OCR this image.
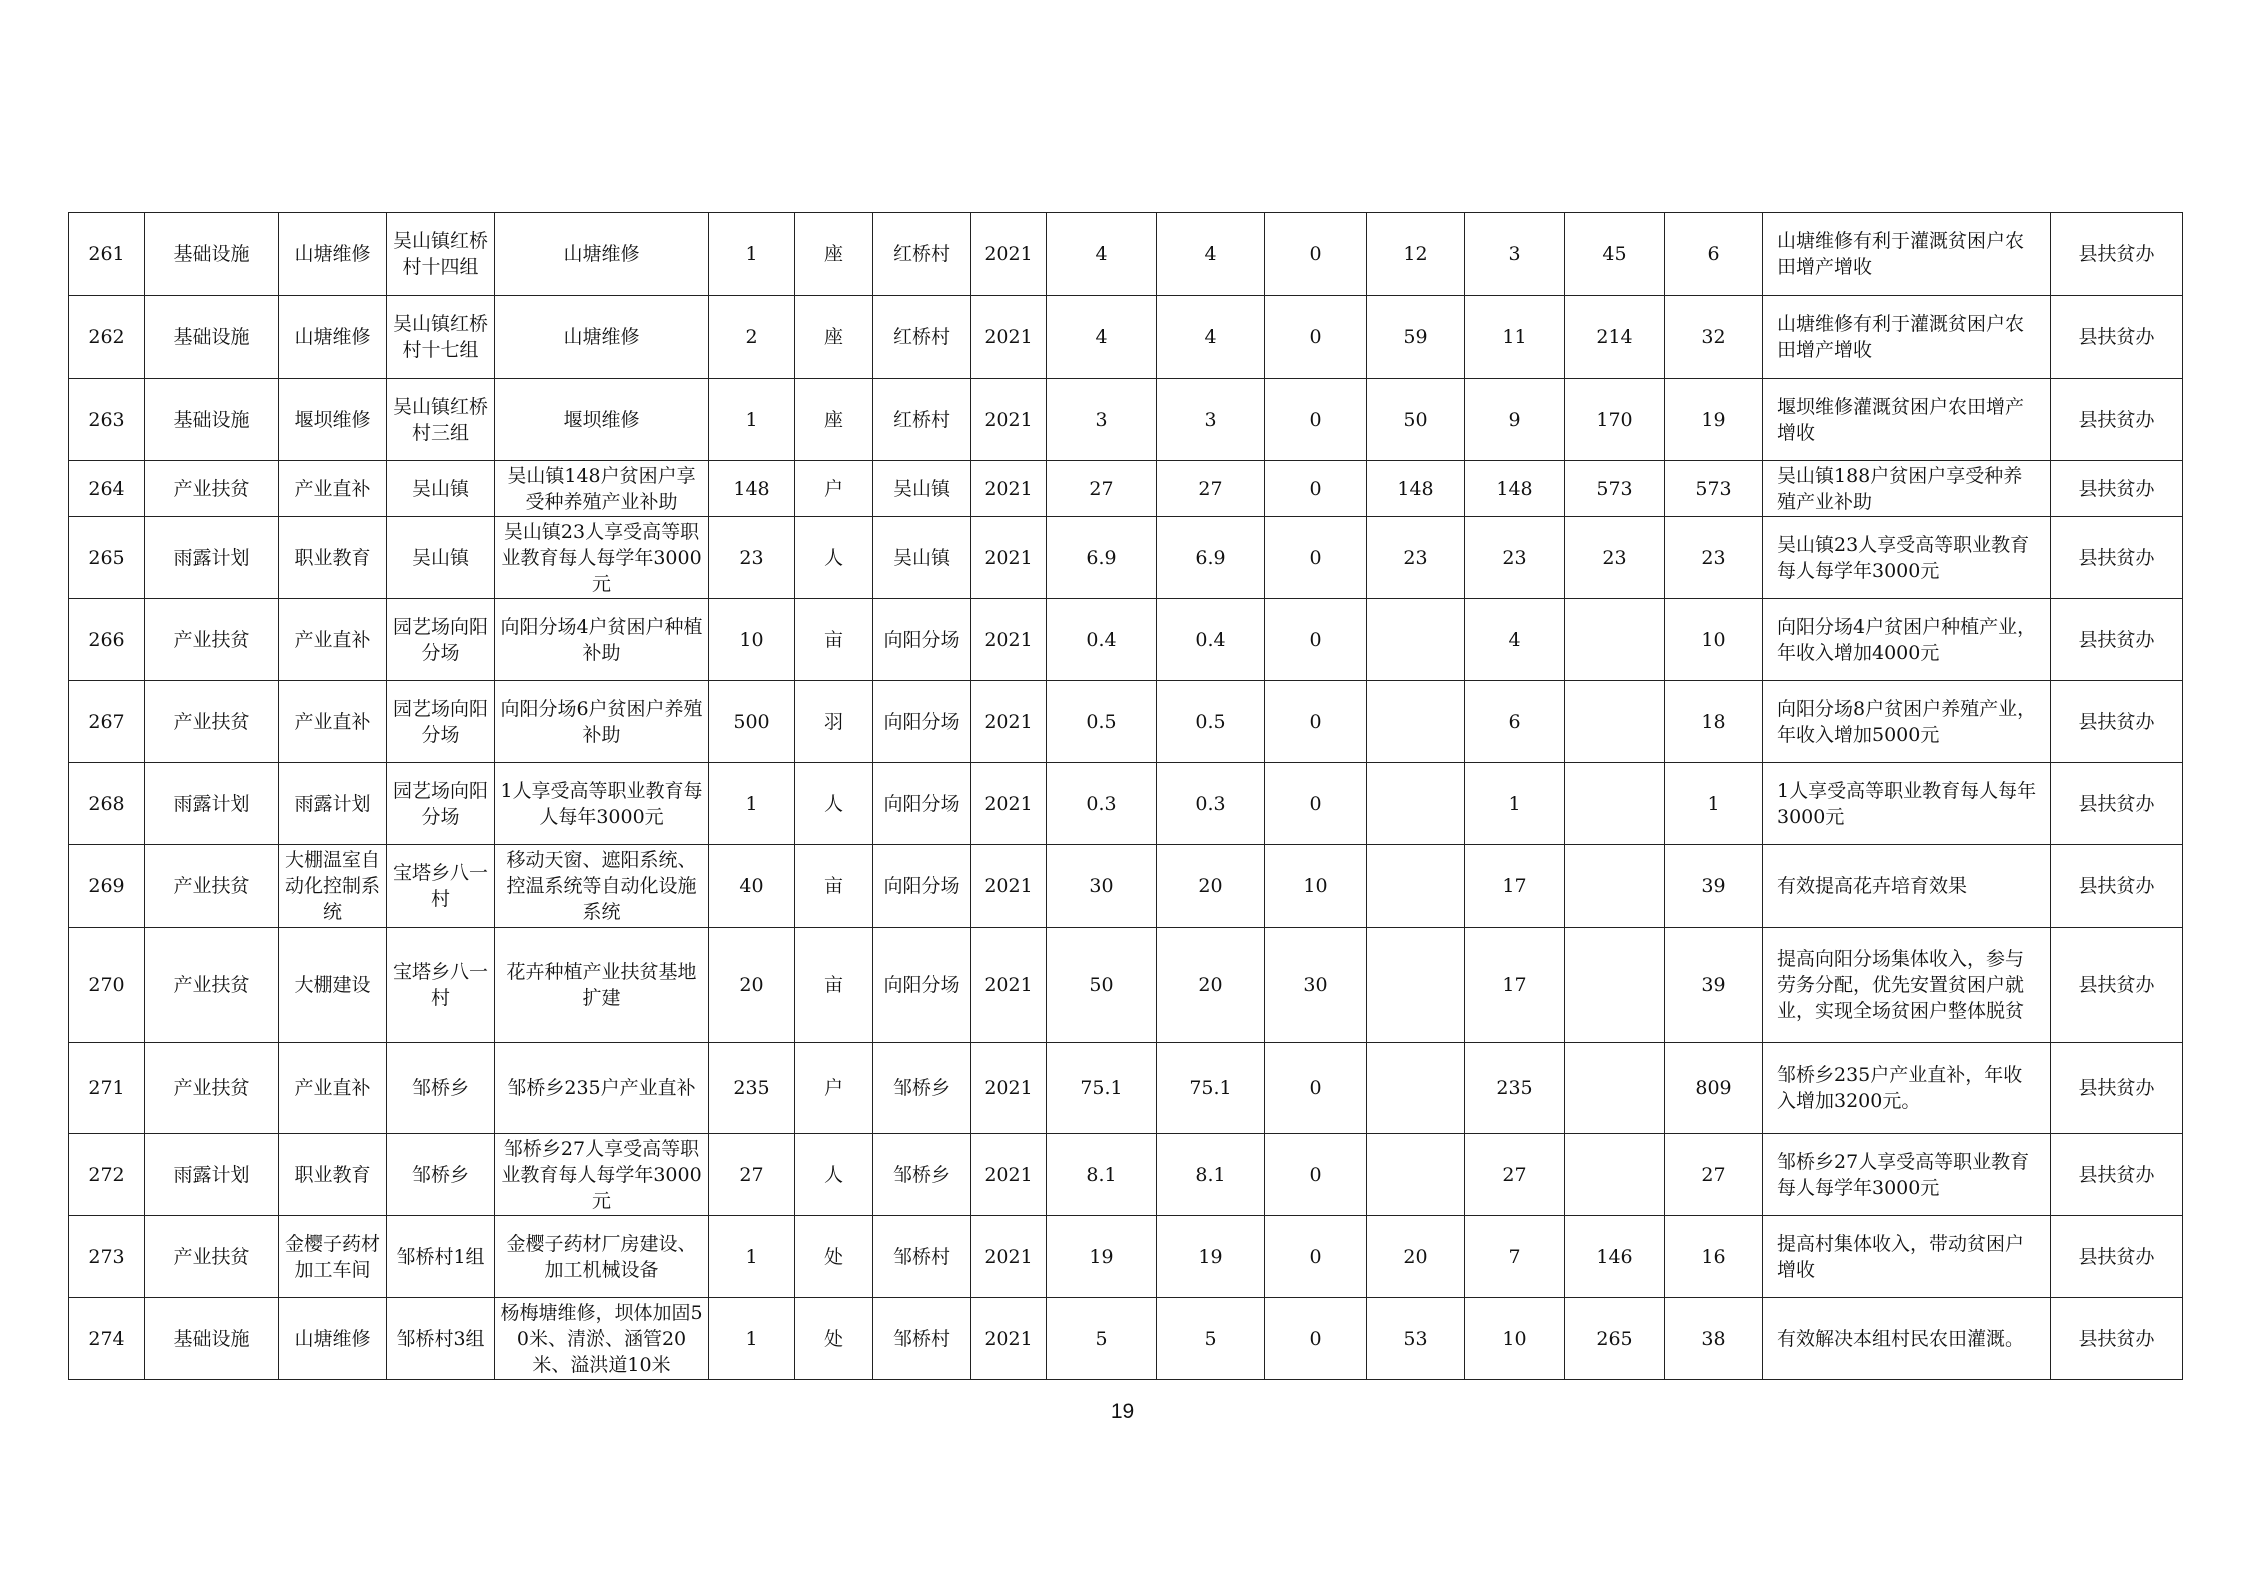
261	基础设施	山塘维修	吴山镇红桥村十四组	山塘维修	1	座	红桥村	2021	4	4	0	12	3	45	6	山塘维修有利于灌溉贫困户农田增产增收	县扶贫办
262	基础设施	山塘维修	吴山镇红桥村十七组	山塘维修	2	座	红桥村	2021	4	4	0	59	11	214	32	山塘维修有利于灌溉贫困户农田增产增收	县扶贫办
263	基础设施	堰坝维修	吴山镇红桥村三组	堰坝维修	1	座	红桥村	2021	3	3	0	50	9	170	19	堰坝维修灌溉贫困户农田增产增收	县扶贫办
264	产业扶贫	产业直补	吴山镇	吴山镇148户贫困户享受种养殖产业补助	148	户	吴山镇	2021	27	27	0	148	148	573	573	吴山镇188户贫困户享受种养殖产业补助	县扶贫办
265	雨露计划	职业教育	吴山镇	吴山镇23人享受高等职业教育每人每学年3000元	23	人	吴山镇	2021	6.9	6.9	0	23	23	23	23	吴山镇23人享受高等职业教育每人每学年3000元	县扶贫办
266	产业扶贫	产业直补	园艺场向阳分场	向阳分场4户贫困户种植补助	10	亩	向阳分场	2021	0.4	0.4	0		4		10	向阳分场4户贫困户种植产业，年收入增加4000元	县扶贫办
267	产业扶贫	产业直补	园艺场向阳分场	向阳分场6户贫困户养殖补助	500	羽	向阳分场	2021	0.5	0.5	0		6		18	向阳分场8户贫困户养殖产业，年收入增加5000元	县扶贫办
268	雨露计划	雨露计划	园艺场向阳分场	1人享受高等职业教育每人每年3000元	1	人	向阳分场	2021	0.3	0.3	0		1		1	1人享受高等职业教育每人每年3000元	县扶贫办
269	产业扶贫	大棚温室自动化控制系统	宝塔乡八一村	移动天窗、遮阳系统、控温系统等自动化设施系统	40	亩	向阳分场	2021	30	20	10		17		39	有效提高花卉培育效果	县扶贫办
270	产业扶贫	大棚建设	宝塔乡八一村	花卉种植产业扶贫基地扩建	20	亩	向阳分场	2021	50	20	30		17		39	提高向阳分场集体收入，参与劳务分配，优先安置贫困户就业，实现全场贫困户整体脱贫	县扶贫办
271	产业扶贫	产业直补	邹桥乡	邹桥乡235户产业直补	235	户	邹桥乡	2021	75.1	75.1	0		235		809	邹桥乡235户产业直补，年收入增加3200元。	县扶贫办
272	雨露计划	职业教育	邹桥乡	邹桥乡27人享受高等职业教育每人每学年3000元	27	人	邹桥乡	2021	8.1	8.1	0		27		27	邹桥乡27人享受高等职业教育每人每学年3000元	县扶贫办
273	产业扶贫	金樱子药材加工车间	邹桥村1组	金樱子药材厂房建设、加工机械设备	1	处	邹桥村	2021	19	19	0	20	7	146	16	提高村集体收入，带动贫困户增收	县扶贫办
274	基础设施	山塘维修	邹桥村3组	杨梅塘维修，坝体加固50米、清淤、涵管20米、溢洪道10米	1	处	邹桥村	2021	5	5	0	53	10	265	38	有效解决本组村民农田灌溉。	县扶贫办
19
